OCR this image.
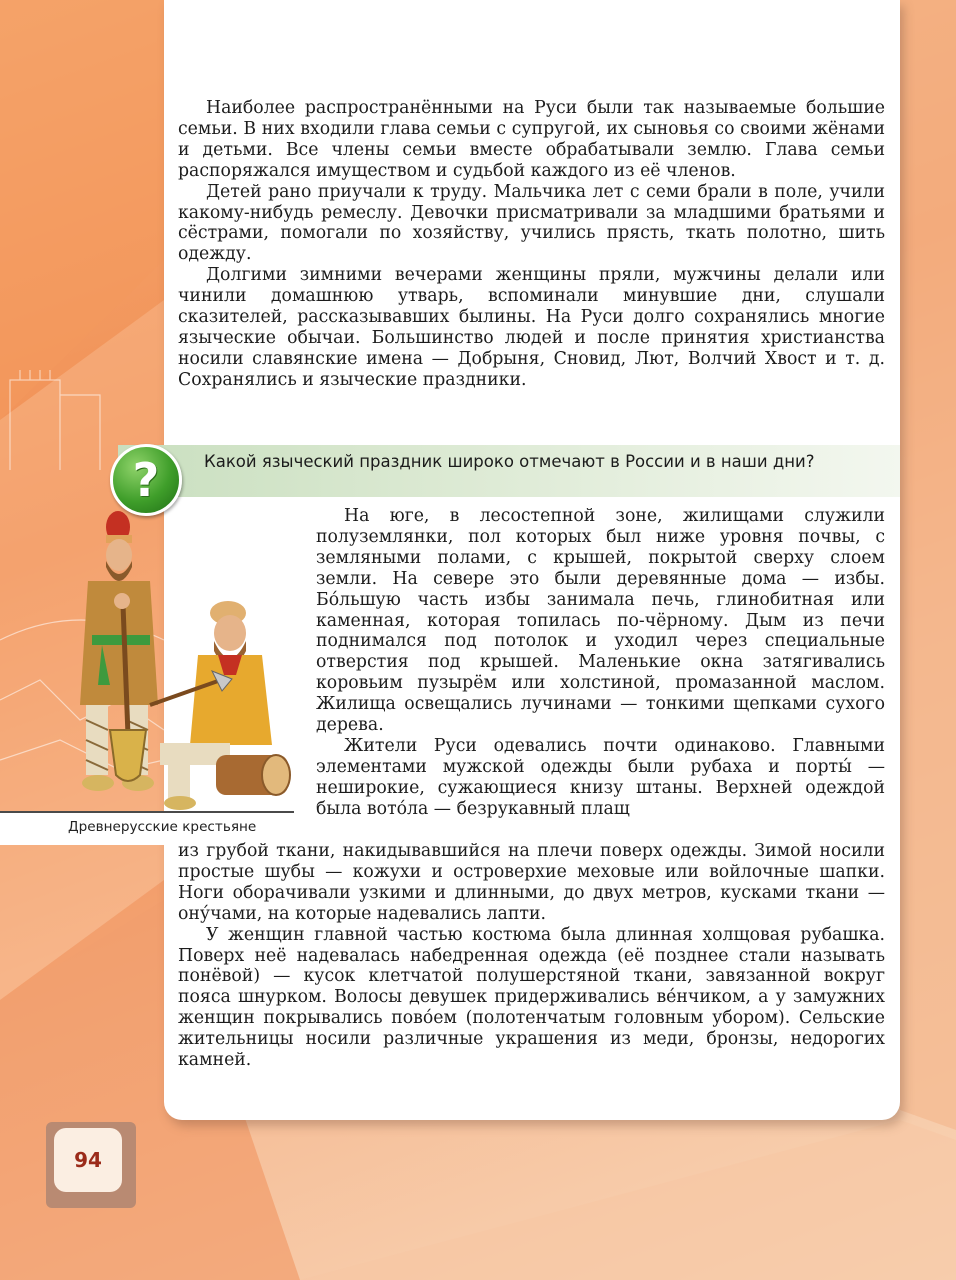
Наиболее распространёнными на Руси были так называемые большие семьи. В них входили глава семьи с супругой, их сыновья со своими жёнами и детьми. Все члены семьи вместе обрабатывали землю. Глава семьи распоряжался имуществом и судьбой каждого из её членов.

Детей рано приучали к труду. Мальчика лет с семи брали в поле, учили какому-нибудь ремеслу. Девочки присматривали за младшими братьями и сёстрами, помогали по хозяйству, учились прясть, ткать полотно, шить одежду.

Долгими зимними вечерами женщины пряли, мужчины делали или чинили домашнюю утварь, вспоминали минувшие дни, слушали сказителей, рассказывавших былины. На Руси долго сохранялись многие языческие обычаи. Большинство людей и после принятия христианства носили славянские имена — Добрыня, Сновид, Лют, Волчий Хвост и т. д. Сохранялись и языческие праздники.

?	Какой языческий праздник широко отмечают в России и в наши дни?
Древнерусские крестьяне

На юге, в лесостепной зоне, жилищами служили полуземлянки, пол которых был ниже уровня почвы, с земляными полами, с крышей, покрытой сверху слоем земли. На севере это были деревянные дома — избы. Бо́льшую часть избы занимала печь, глинобитная или каменная, которая топилась по-чёрному. Дым из печи поднимался под потолок и уходил через специальные отверстия под крышей. Маленькие окна затягивались коровьим пузырём или холстиной, промазанной маслом. Жилища освещались лучинами — тонкими щепками сухого дерева.

Жители Руси одевались почти одинаково. Главными элементами мужской одежды были рубаха и порты́ — неширокие, сужающиеся книзу штаны. Верхней одеждой была вото́ла — безрукавный плащ

из грубой ткани, накидывавшийся на плечи поверх одежды. Зимой носили простые шубы — кожухи и островерхие меховые или войлочные шапки. Ноги оборачивали узкими и длинными, до двух метров, кусками ткани — ону́чами, на которые надевались лапти.

У женщин главной частью костюма была длинная холщовая рубашка. Поверх неё надевалась набедренная одежда (её позднее стали называть понёвой) — кусок клетчатой полушерстяной ткани, завязанной вокруг пояса шнурком. Волосы девушек придерживались ве́нчиком, а у замужних женщин покрывались пово́ем (полотенчатым головным убором). Сельские жительницы носили различные украшения из меди, бронзы, недорогих камней.

94
